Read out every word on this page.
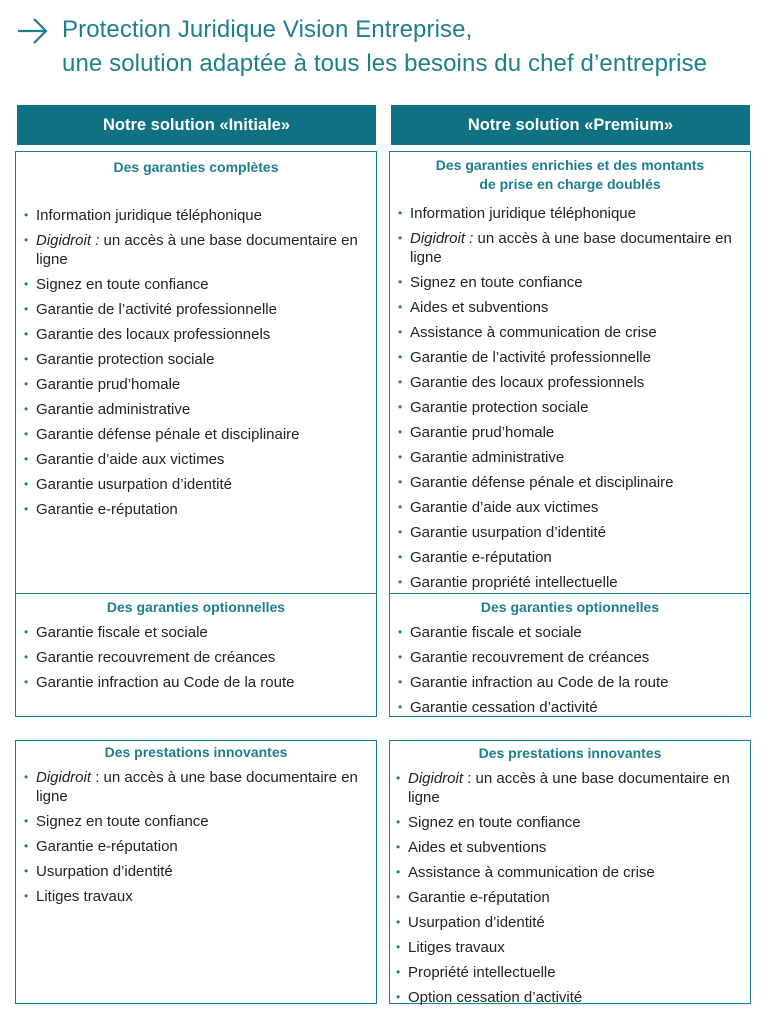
Protection Juridique Vision Entreprise,
une solution adaptée à tous les besoins du chef d’entreprise
Notre solution «Initiale»	Notre solution «Premium»
Des garanties complètes
• Information juridique téléphonique
• Digidroit : un accès à une base documentaire en ligne
• Signez en toute confiance
• Garantie de l’activité professionnelle
• Garantie des locaux professionnels
• Garantie protection sociale
• Garantie prud’homale
• Garantie administrative
• Garantie défense pénale et disciplinaire
• Garantie d’aide aux victimes
• Garantie usurpation d’identité
• Garantie e-réputation
Des garanties optionnelles
• Garantie fiscale et sociale
• Garantie recouvrement de créances
• Garantie infraction au Code de la route
Des garanties enrichies et des montants
de prise en charge doublés
• Information juridique téléphonique
• Digidroit : un accès à une base documentaire en ligne
• Signez en toute confiance
• Aides et subventions
• Assistance à communication de crise
• Garantie de l’activité professionnelle
• Garantie des locaux professionnels
• Garantie protection sociale
• Garantie prud’homale
• Garantie administrative
• Garantie défense pénale et disciplinaire
• Garantie d’aide aux victimes
• Garantie usurpation d’identité
• Garantie e-réputation
• Garantie propriété intellectuelle
Des garanties optionnelles
• Garantie fiscale et sociale
• Garantie recouvrement de créances
• Garantie infraction au Code de la route
• Garantie cessation d’activité
Des prestations innovantes
• Digidroit : un accès à une base documentaire en ligne
• Signez en toute confiance
• Garantie e-réputation
• Usurpation d’identité
• Litiges travaux
Des prestations innovantes
• Digidroit : un accès à une base documentaire en ligne
• Signez en toute confiance
• Aides et subventions
• Assistance à communication de crise
• Garantie e-réputation
• Usurpation d’identité
• Litiges travaux
• Propriété intellectuelle
• Option cessation d’activité
